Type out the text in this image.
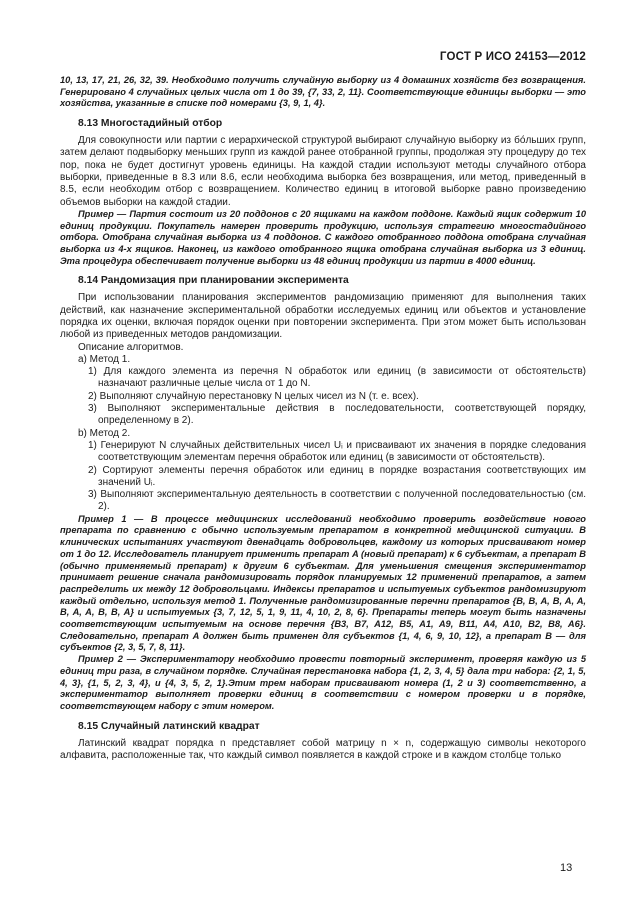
ГОСТ Р ИСО 24153—2012

10, 13, 17, 21, 26, 32, 39. Необходимо получить случайную выборку из 4 домашних хозяйств без возвращения. Генерировано 4 случайных целых числа от 1 до 39, {7, 33, 2, 11}. Соответствующие единицы выборки — это хозяйства, указанные в списке под номерами {3, 9, 1, 4}.

8.13 Многостадийный отбор

Для совокупности или партии с иерархической структурой выбирают случайную выборку из бо́льших групп, затем делают подвыборку меньших групп из каждой ранее отобранной группы, продолжая эту процедуру до тех пор, пока не будет достигнут уровень единицы. На каждой стадии используют методы случайного отбора выборки, приведенные в 8.3 или 8.6, если необходима выборка без возвращения, или метод, приведенный в 8.5, если необходим отбор с возвращением. Количество единиц в итоговой выборке равно произведению объемов выборки на каждой стадии.

Пример — Партия состоит из 20 поддонов с 20 ящиками на каждом поддоне. Каждый ящик содержит 10 единиц продукции. Покупатель намерен проверить продукцию, используя стратегию многостадийного отбора. Отобрана случайная выборка из 4 поддонов. С каждого отобранного поддона отобрана случайная выборка из 4-х ящиков. Наконец, из каждого отобранного ящика отобрана случайная выборка из 3 единиц. Эта процедура обеспечивает получение выборки из 48 единиц продукции из партии в 4000 единиц.

8.14 Рандомизация при планировании эксперимента

При использовании планирования экспериментов рандомизацию применяют для выполнения таких действий, как назначение экспериментальной обработки исследуемых единиц или объектов и установление порядка их оценки, включая порядок оценки при повторении эксперимента. При этом может быть использован любой из приведенных методов рандомизации.

Описание алгоритмов.

a) Метод 1.

1) Для каждого элемента из перечня N обработок или единиц (в зависимости от обстоятельств) назначают различные целые числа от 1 до N.

2) Выполняют случайную перестановку N целых чисел из N (т. е. всех).

3) Выполняют экспериментальные действия в последовательности, соответствующей порядку, определенному в 2).

b) Метод 2.

1) Генерируют N случайных действительных чисел Uᵢ и присваивают их значения в порядке следования соответствующим элементам перечня обработок или единиц (в зависимости от обстоятельств).

2) Сортируют элементы перечня обработок или единиц в порядке возрастания соответствующих им значений Uᵢ.

3) Выполняют экспериментальную деятельность в соответствии с полученной последовательностью (см. 2).

Пример 1 — В процессе медицинских исследований необходимо проверить воздействие нового препарата по сравнению с обычно используемым препаратом в конкретной медицинской ситуации. В клинических испытаниях участвуют двенадцать добровольцев, каждому из которых присваивают номер от 1 до 12. Исследователь планирует применить препарат A (новый препарат) к 6 субъектам, а препарат B (обычно применяемый препарат) к другим 6 субъектам. Для уменьшения смещения экспериментатор принимает решение сначала рандомизировать порядок планируемых 12 применений препаратов, а затем распределить их между 12 добровольцами. Индексы препаратов и испытуемых субъектов рандомизируют каждый отдельно, используя метод 1. Полученные рандомизированные перечни препаратов {B, B, A, B, A, A, B, A, A, B, B, A} и испытуемых {3, 7, 12, 5, 1, 9, 11, 4, 10, 2, 8, 6}. Препараты теперь могут быть назначены соответствующим испытуемым на основе перечня {B3, B7, A12, B5, A1, A9, B11, A4, A10, B2, B8, A6}. Следовательно, препарат A должен быть применен для субъектов {1, 4, 6, 9, 10, 12}, а препарат B — для субъектов {2, 3, 5, 7, 8, 11}.

Пример 2 — Экспериментатору необходимо провести повторный эксперимент, проверяя каждую из 5 единиц три раза, в случайном порядке. Случайная перестановка набора {1, 2, 3, 4, 5} дала три набора: {2, 1, 5, 4, 3}, {1, 5, 2, 3, 4}, и {4, 3, 5, 2, 1}.Этим трем наборам присваивают номера (1, 2 и 3) соответственно, а экспериментатор выполняет проверки единиц в соответствии с номером проверки и в порядке, соответствующем набору с этим номером.

8.15 Случайный латинский квадрат

Латинский квадрат порядка n представляет собой матрицу n × n, содержащую символы некоторого алфавита, расположенные так, что каждый символ появляется в каждой строке и в каждом столбце только

13
